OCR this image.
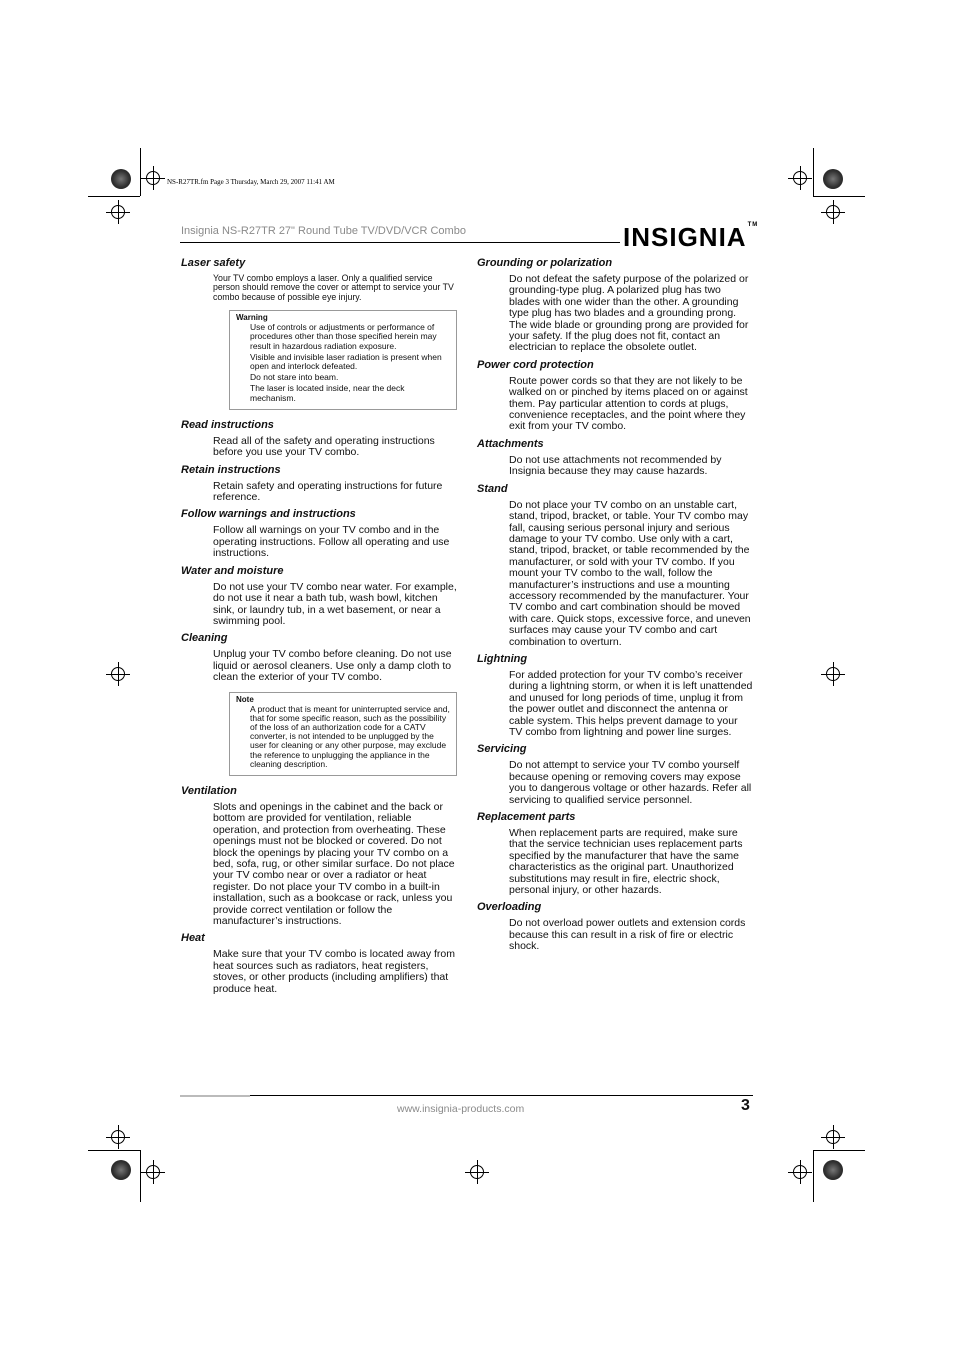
NS-R27TR.fm Page 3 Thursday, March 29, 2007 11:41 AM
Insignia NS-R27TR 27" Round Tube TV/DVD/VCR Combo	INSIGNIA™
Laser safety

Your TV combo employs a laser. Only a qualified service person should remove the cover or attempt to service your TV combo because of possible eye injury.

Warning
Use of controls or adjustments or performance of procedures other than those specified herein may result in hazardous radiation exposure.
Visible and invisible laser radiation is present when open and interlock defeated.
Do not stare into beam.
The laser is located inside, near the deck mechanism.
Read instructions

Read all of the safety and operating instructions before you use your TV combo.

Retain instructions

Retain safety and operating instructions for future reference.

Follow warnings and instructions

Follow all warnings on your TV combo and in the operating instructions. Follow all operating and use instructions.

Water and moisture

Do not use your TV combo near water. For example, do not use it near a bath tub, wash bowl, kitchen sink, or laundry tub, in a wet basement, or near a swimming pool.

Cleaning

Unplug your TV combo before cleaning. Do not use liquid or aerosol cleaners. Use only a damp cloth to clean the exterior of your TV combo.

Note
A product that is meant for uninterrupted service and, that for some specific reason, such as the possibility of the loss of an authorization code for a CATV converter, is not intended to be unplugged by the user for cleaning or any other purpose, may exclude the reference to unplugging the appliance in the cleaning description.
Ventilation

Slots and openings in the cabinet and the back or bottom are provided for ventilation, reliable operation, and protection from overheating. These openings must not be blocked or covered. Do not block the openings by placing your TV combo on a bed, sofa, rug, or other similar surface. Do not place your TV combo near or over a radiator or heat register. Do not place your TV combo in a built-in installation, such as a bookcase or rack, unless you provide correct ventilation or follow the manufacturer’s instructions.

Heat

Make sure that your TV combo is located away from heat sources such as radiators, heat registers, stoves, or other products (including amplifiers) that produce heat.

Grounding or polarization

Do not defeat the safety purpose of the polarized or grounding-type plug. A polarized plug has two blades with one wider than the other. A grounding type plug has two blades and a grounding prong. The wide blade or grounding prong are provided for your safety. If the plug does not fit, contact an electrician to replace the obsolete outlet.

Power cord protection

Route power cords so that they are not likely to be walked on or pinched by items placed on or against them. Pay particular attention to cords at plugs, convenience receptacles, and the point where they exit from your TV combo.

Attachments

Do not use attachments not recommended by Insignia because they may cause hazards.

Stand

Do not place your TV combo on an unstable cart, stand, tripod, bracket, or table. Your TV combo may fall, causing serious personal injury and serious damage to your TV combo. Use only with a cart, stand, tripod, bracket, or table recommended by the manufacturer, or sold with your TV combo. If you mount your TV combo to the wall, follow the manufacturer’s instructions and use a mounting accessory recommended by the manufacturer. Your TV combo and cart combination should be moved with care. Quick stops, excessive force, and uneven surfaces may cause your TV combo and cart combination to overturn.

Lightning

For added protection for your TV combo’s receiver during a lightning storm, or when it is left unattended and unused for long periods of time, unplug it from the power outlet and disconnect the antenna or cable system. This helps prevent damage to your TV combo from lightning and power line surges.

Servicing

Do not attempt to service your TV combo yourself because opening or removing covers may expose you to dangerous voltage or other hazards. Refer all servicing to qualified service personnel.

Replacement parts

When replacement parts are required, make sure that the service technician uses replacement parts specified by the manufacturer that have the same characteristics as the original part. Unauthorized substitutions may result in fire, electric shock, personal injury, or other hazards.

Overloading

Do not overload power outlets and extension cords because this can result in a risk of fire or electric shock.

www.insignia-products.com	3
